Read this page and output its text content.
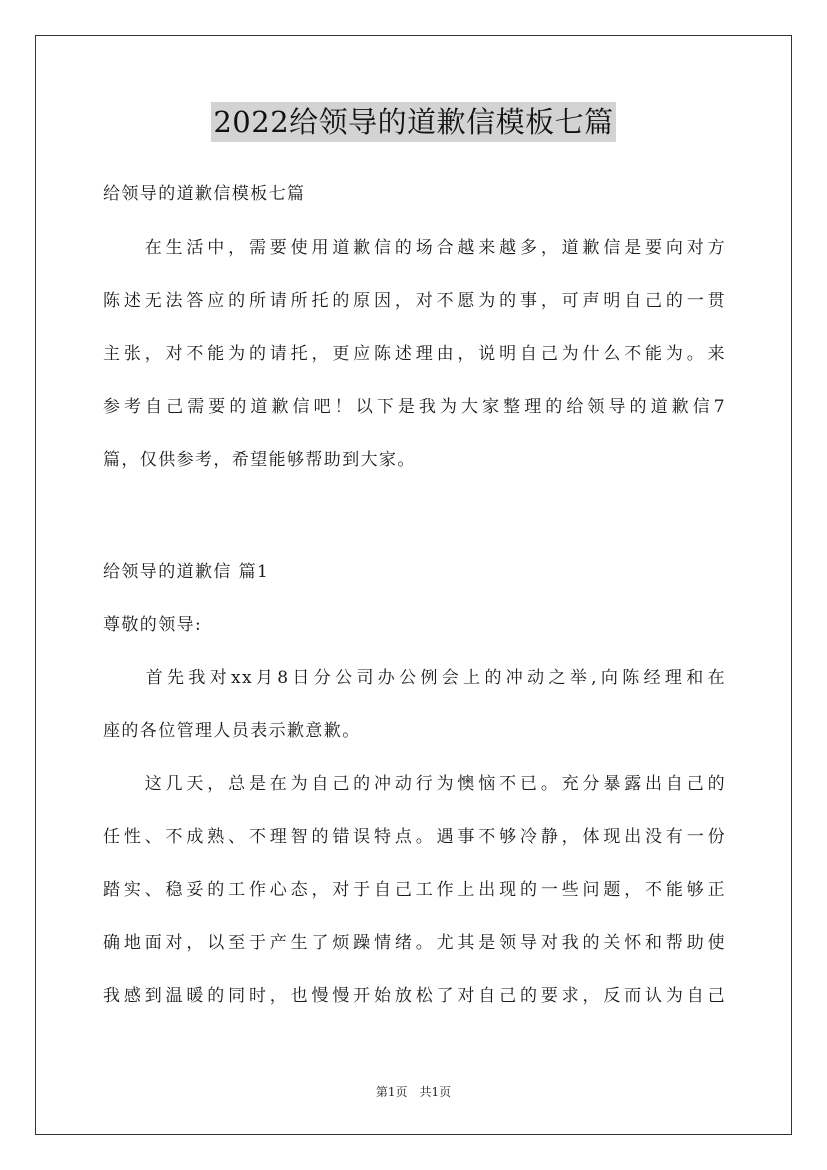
2022给领导的道歉信模板七篇
给领导的道歉信模板七篇
　　在生活中，需要使用道歉信的场合越来越多，道歉信是要向对方
陈述无法答应的所请所托的原因，对不愿为的事，可声明自己的一贯
主张，对不能为的请托，更应陈述理由，说明自己为什么不能为。来
参考自己需要的道歉信吧！以下是我为大家整理的给领导的道歉信7
篇，仅供参考，希望能够帮助到大家。
给领导的道歉信 篇1
尊敬的领导:
　　首先我对xx月8日分公司办公例会上的冲动之举,向陈经理和在
座的各位管理人员表示歉意歉。
　　这几天，总是在为自己的冲动行为懊恼不已。充分暴露出自己的
任性、不成熟、不理智的错误特点。遇事不够冷静，体现出没有一份
踏实、稳妥的工作心态，对于自己工作上出现的一些问题，不能够正
确地面对，以至于产生了烦躁情绪。尤其是领导对我的关怀和帮助使
我感到温暖的同时，也慢慢开始放松了对自己的要求，反而认为自己
第1页　共1页
